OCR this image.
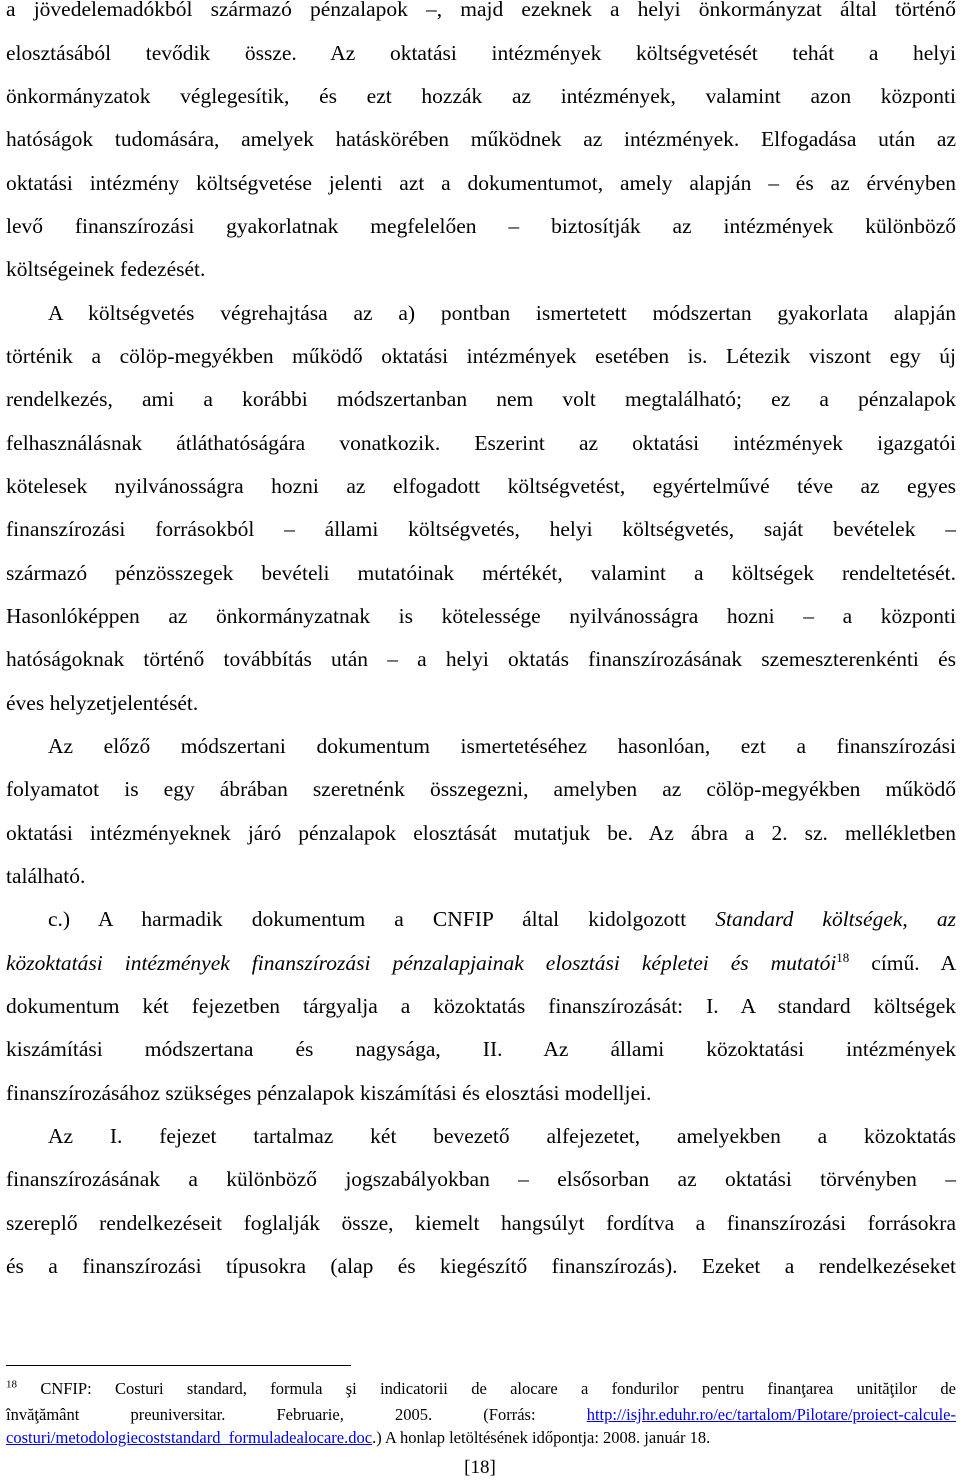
a jövedelemadókból származó pénzalapok –, majd ezeknek a helyi önkormányzat által történő
elosztásából tevődik össze. Az oktatási intézmények költségvetését tehát a helyi
önkormányzatok véglegesítik, és ezt hozzák az intézmények, valamint azon központi
hatóságok tudomására, amelyek hatáskörében működnek az intézmények. Elfogadása után az
oktatási intézmény költségvetése jelenti azt a dokumentumot, amely alapján – és az érvényben
levő finanszírozási gyakorlatnak megfelelően – biztosítják az intézmények különböző
költségeinek fedezését.
A költségvetés végrehajtása az a) pontban ismertetett módszertan gyakorlata alapján
történik a cölöp-megyékben működő oktatási intézmények esetében is. Létezik viszont egy új
rendelkezés, ami a korábbi módszertanban nem volt megtalálható; ez a pénzalapok
felhasználásnak átláthatóságára vonatkozik. Eszerint az oktatási intézmények igazgatói
kötelesek nyilvánosságra hozni az elfogadott költségvetést, egyértelművé téve az egyes
finanszírozási forrásokból – állami költségvetés, helyi költségvetés, saját bevételek –
származó pénzösszegek bevételi mutatóinak mértékét, valamint a költségek rendeltetését.
Hasonlóképpen az önkormányzatnak is kötelessége nyilvánosságra hozni – a központi
hatóságoknak történő továbbítás után – a helyi oktatás finanszírozásának szemeszterenkénti és
éves helyzetjelentését.
Az előző módszertani dokumentum ismertetéséhez hasonlóan, ezt a finanszírozási
folyamatot is egy ábrában szeretnénk összegezni, amelyben az cölöp-megyékben működő
oktatási intézményeknek járó pénzalapok elosztását mutatjuk be. Az ábra a 2. sz. mellékletben
található.
c.) A harmadik dokumentum a CNFIP által kidolgozott Standard költségek, az
közoktatási intézmények finanszírozási pénzalapjainak elosztási képletei és mutatói$^{18}$ című. A
dokumentum két fejezetben tárgyalja a közoktatás finanszírozását: I. A standard költségek
kiszámítási módszertana és nagysága, II. Az állami közoktatási intézmények
finanszírozásához szükséges pénzalapok kiszámítási és elosztási modelljei.
Az I. fejezet tartalmaz két bevezető alfejezetet, amelyekben a közoktatás
finanszírozásának a különböző jogszabályokban – elsősorban az oktatási törvényben –
szereplő rendelkezéseit foglalják össze, kiemelt hangsúlyt fordítva a finanszírozási forrásokra
és a finanszírozási típusokra (alap és kiegészítő finanszírozás). Ezeket a rendelkezéseket
$^{18}$ CNFIP: Costuri standard, formula şi indicatorii de alocare a fondurilor pentru finanţarea unităţilor de
învăţământ preuniversitar. Februarie, 2005. (Forrás: http://isjhr.eduhr.ro/ec/tartalom/Pilotare/proiect-calcule-
costuri/metodologiecoststandard_formuladealocare.doc.) A honlap letöltésének időpontja: 2008. január 18.
[18]
